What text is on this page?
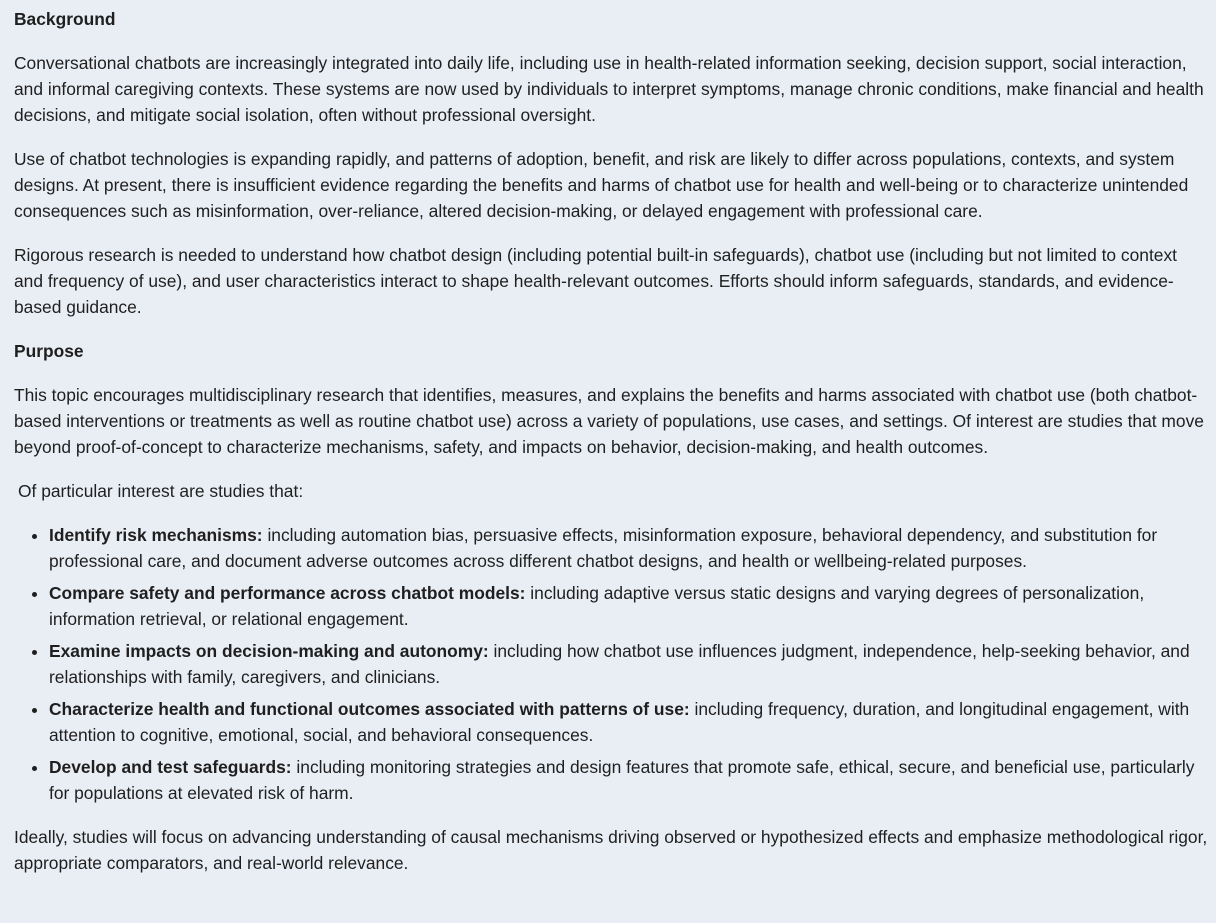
Background

Conversational chatbots are increasingly integrated into daily life, including use in health-related information seeking, decision support, social interaction, and informal caregiving contexts. These systems are now used by individuals to interpret symptoms, manage chronic conditions, make financial and health decisions, and mitigate social isolation, often without professional oversight.

Use of chatbot technologies is expanding rapidly, and patterns of adoption, benefit, and risk are likely to differ across populations, contexts, and system designs. At present, there is insufficient evidence regarding the benefits and harms of chatbot use for health and well-being or to characterize unintended consequences such as misinformation, over-reliance, altered decision-making, or delayed engagement with professional care.

Rigorous research is needed to understand how chatbot design (including potential built-in safeguards), chatbot use (including but not limited to context and frequency of use), and user characteristics interact to shape health-relevant outcomes. Efforts should inform safeguards, standards, and evidence-based guidance.

Purpose

This topic encourages multidisciplinary research that identifies, measures, and explains the benefits and harms associated with chatbot use (both chatbot-based interventions or treatments as well as routine chatbot use) across a variety of populations, use cases, and settings. Of interest are studies that move beyond proof-of-concept to characterize mechanisms, safety, and impacts on behavior, decision-making, and health outcomes.

Of particular interest are studies that:

• Identify risk mechanisms: including automation bias, persuasive effects, misinformation exposure, behavioral dependency, and substitution for professional care, and document adverse outcomes across different chatbot designs, and health or wellbeing-related purposes.
• Compare safety and performance across chatbot models: including adaptive versus static designs and varying degrees of personalization, information retrieval, or relational engagement.
• Examine impacts on decision-making and autonomy: including how chatbot use influences judgment, independence, help-seeking behavior, and relationships with family, caregivers, and clinicians.
• Characterize health and functional outcomes associated with patterns of use: including frequency, duration, and longitudinal engagement, with attention to cognitive, emotional, social, and behavioral consequences.
• Develop and test safeguards: including monitoring strategies and design features that promote safe, ethical, secure, and beneficial use, particularly for populations at elevated risk of harm.

Ideally, studies will focus on advancing understanding of causal mechanisms driving observed or hypothesized effects and emphasize methodological rigor, appropriate comparators, and real-world relevance.
